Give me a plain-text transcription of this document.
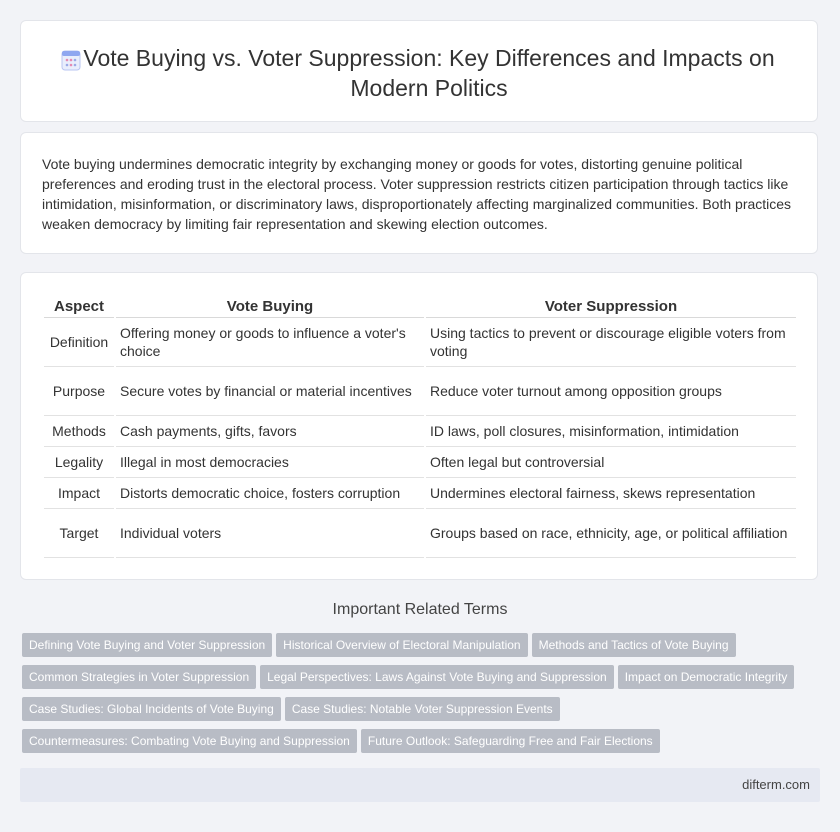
Vote Buying vs. Voter Suppression: Key Differences and Impacts on Modern Politics

Vote buying undermines democratic integrity by exchanging money or goods for votes, distorting genuine political preferences and eroding trust in the electoral process. Voter suppression restricts citizen participation through tactics like intimidation, misinformation, or discriminatory laws, disproportionately affecting marginalized communities. Both practices weaken democracy by limiting fair representation and skewing election outcomes.

Aspect	Vote Buying	Voter Suppression
Definition	Offering money or goods to influence a voter's choice	Using tactics to prevent or discourage eligible voters from voting
Purpose	Secure votes by financial or material incentives	Reduce voter turnout among opposition groups
Methods	Cash payments, gifts, favors	ID laws, poll closures, misinformation, intimidation
Legality	Illegal in most democracies	Often legal but controversial
Impact	Distorts democratic choice, fosters corruption	Undermines electoral fairness, skews representation
Target	Individual voters	Groups based on race, ethnicity, age, or political affiliation
Important Related Terms
Defining Vote Buying and Voter Suppression Historical Overview of Electoral Manipulation Methods and Tactics of Vote Buying
Common Strategies in Voter Suppression Legal Perspectives: Laws Against Vote Buying and Suppression Impact on Democratic Integrity
Case Studies: Global Incidents of Vote Buying Case Studies: Notable Voter Suppression Events
Countermeasures: Combating Vote Buying and Suppression Future Outlook: Safeguarding Free and Fair Elections
difterm.com
